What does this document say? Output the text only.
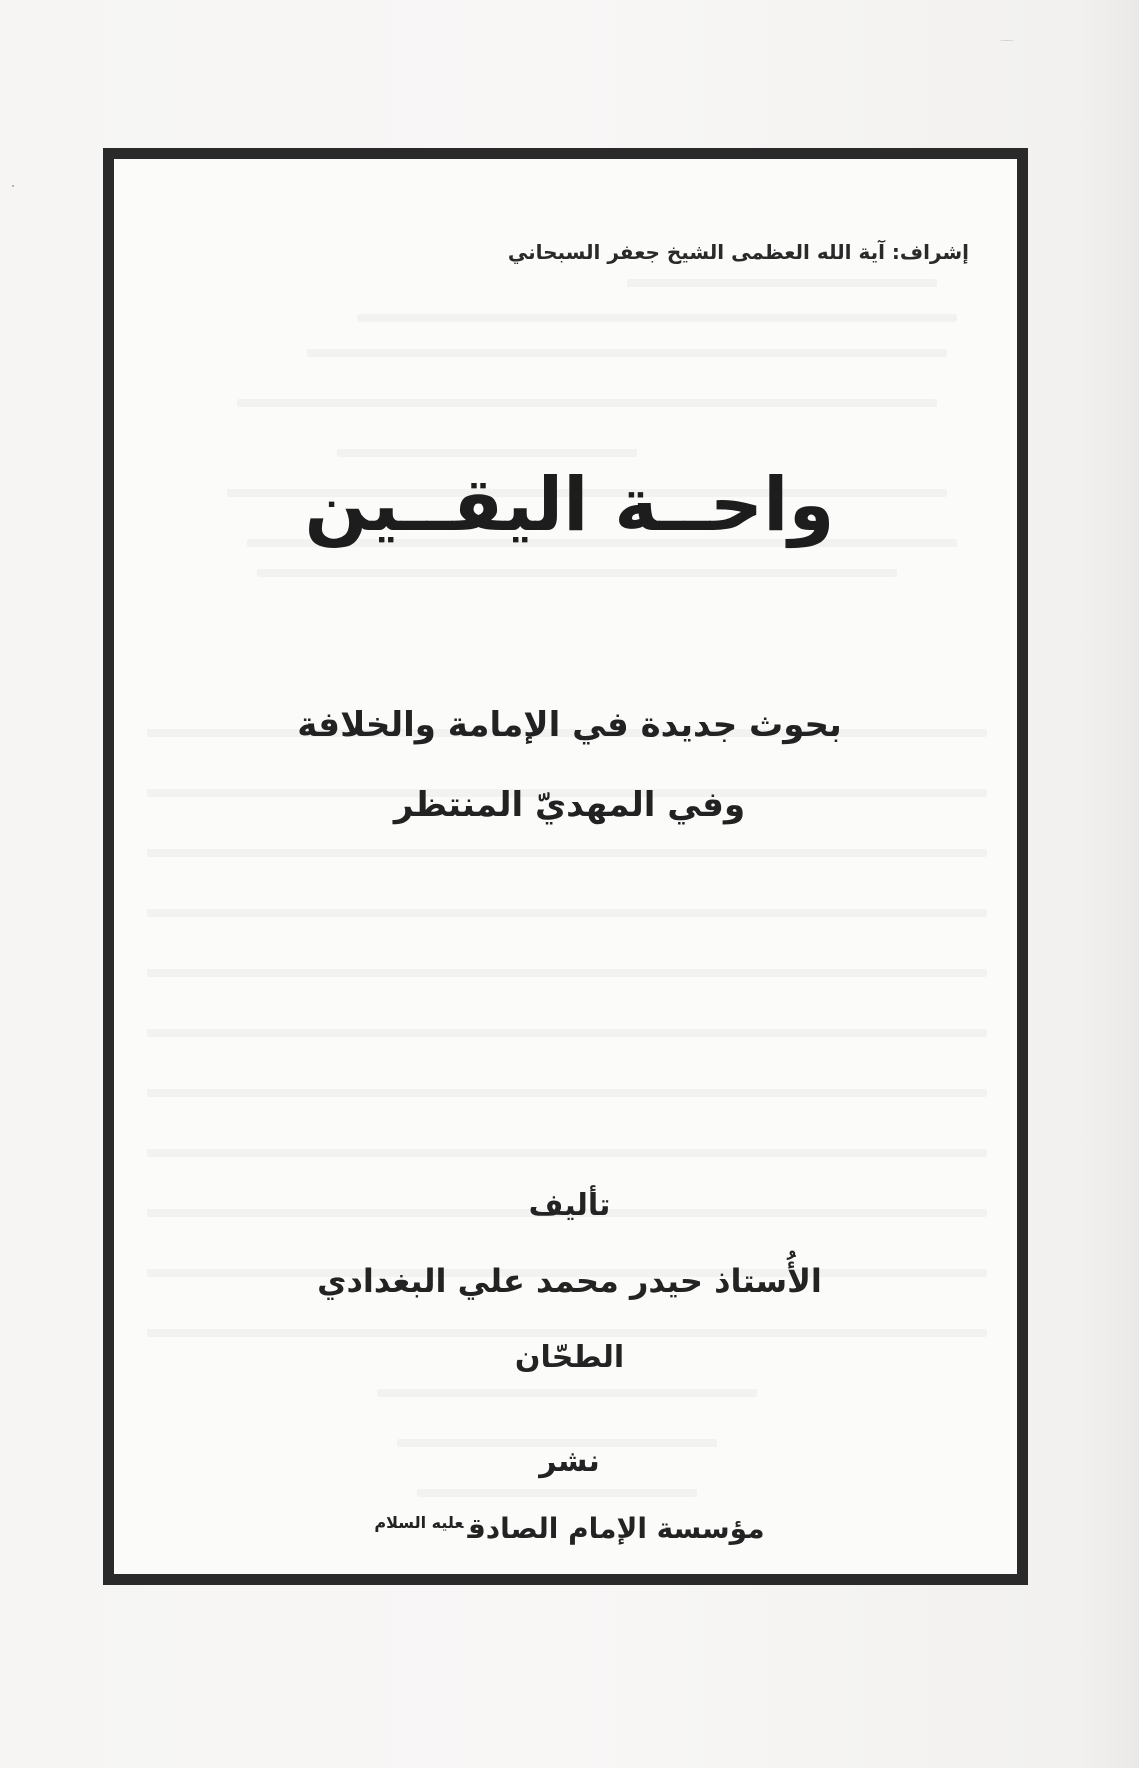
إشراف: آية الله العظمى الشيخ جعفر السبحاني
واحــة اليقــين
بحوث جديدة في الإمامة والخلافة
وفي المهديّ المنتظر
تأليف
الأُستاذ حيدر محمد علي البغدادي
الطحّان
نشر
مؤسسة الإمام الصادق$^{عليه السلام}$
